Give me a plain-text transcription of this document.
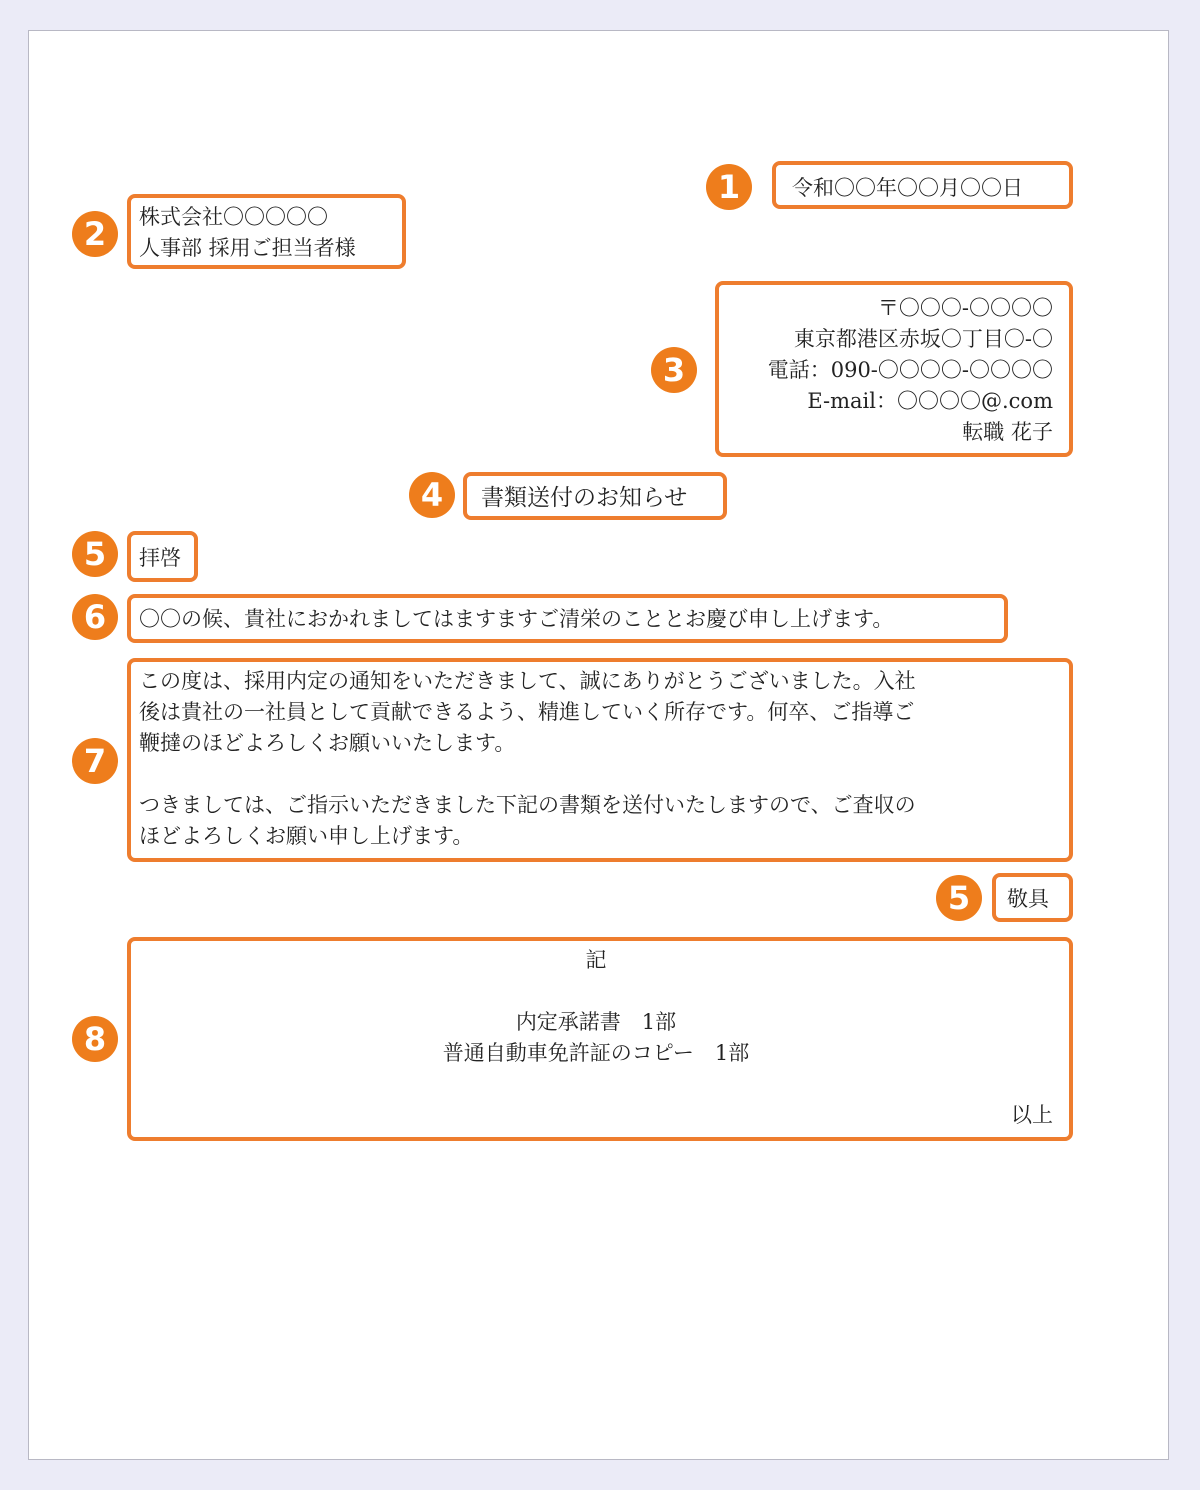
1	令和〇〇年〇〇月〇〇日
2	株式会社〇〇〇〇〇
人事部 採用ご担当者様
3
〒〇〇〇-〇〇〇〇
東京都港区赤坂〇丁目〇-〇
電話：090-〇〇〇〇-〇〇〇〇
E-mail：〇〇〇〇@.com
転職 花子
4	書類送付のお知らせ
5	拝啓
6	〇〇の候、貴社におかれましてはますますご清栄のこととお慶び申し上げます。
7
この度は、採用内定の通知をいただきまして、誠にありがとうございました。入社
後は貴社の一社員として貢献できるよう、精進していく所存です。何卒、ご指導ご
鞭撻のほどよろしくお願いいたします。

つきましては、ご指示いただきました下記の書類を送付いたしますので、ご査収の
ほどよろしくお願い申し上げます。
5	敬具
8
記

内定承諾書　1部
普通自動車免許証のコピー　1部

以上
